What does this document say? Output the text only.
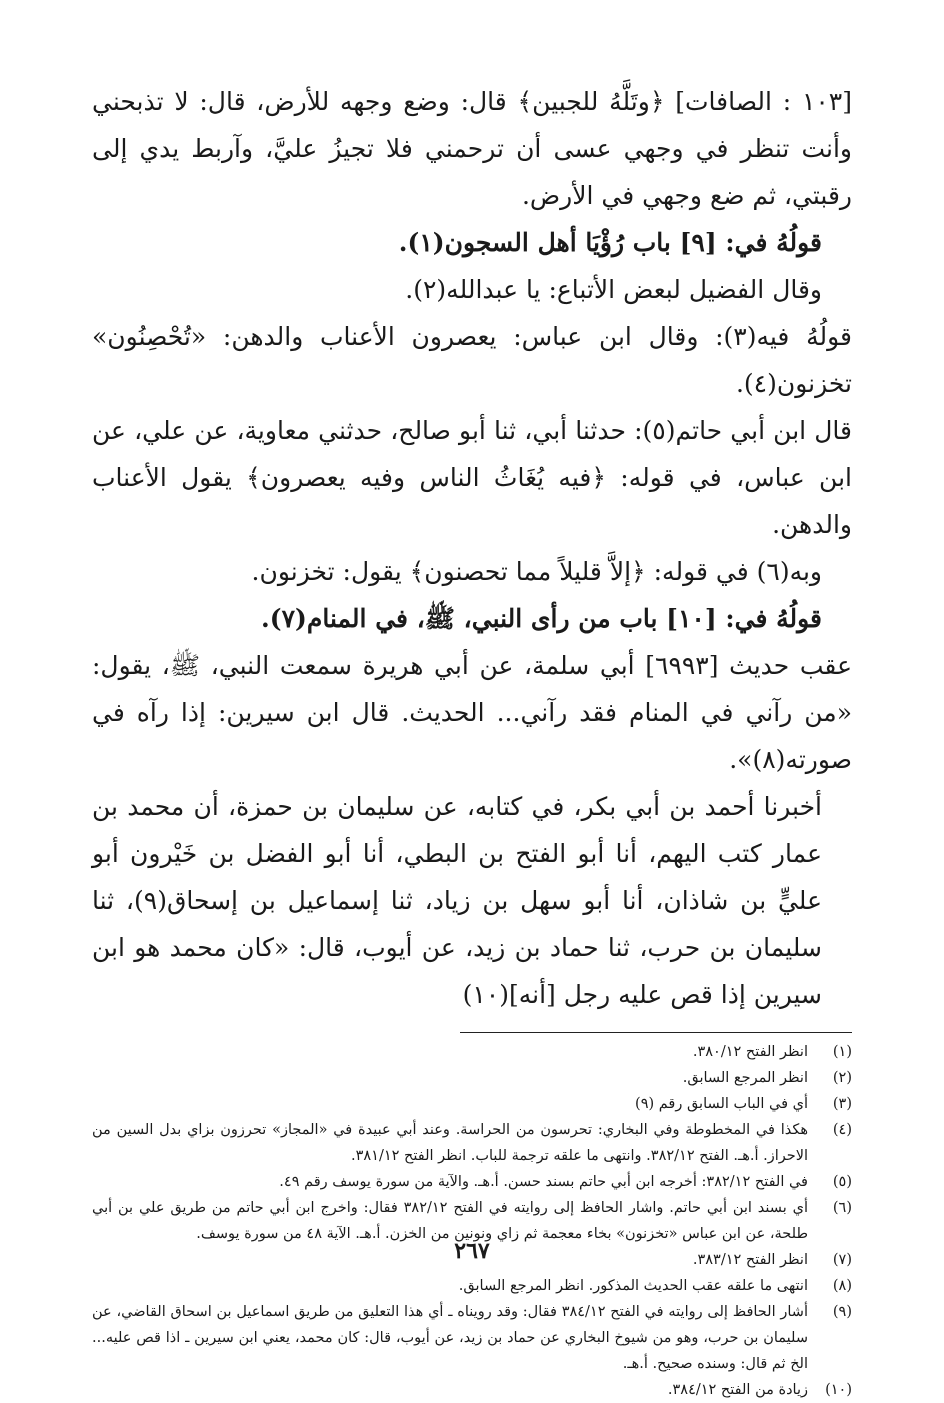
[١٠٣ : الصافات] ﴿وتَلَّهُ للجبين﴾ قال: وضع وجهه للأرض، قال: لا تذبحني وأنت تنظر في وجهي عسى أن ترحمني فلا تجيزُ عليَّ، وآربط يدي إلى رقبتي، ثم ضع وجهي في الأرض.

قولُهُ في: [٩] باب رُؤْيَا أهل السجون(١).

وقال الفضيل لبعض الأتباع: يا عبدالله(٢).

قولُهُ فيه(٣): وقال ابن عباس: يعصرون الأعناب والدهن: «تُحْصِنُون» تخزنون(٤).

قال ابن أبي حاتم(٥): حدثنا أبي، ثنا أبو صالح، حدثني معاوية، عن علي، عن ابن عباس، في قوله: ﴿فيه يُغَاثُ الناس وفيه يعصرون﴾ يقول الأعناب والدهن.

وبه(٦) في قوله: ﴿إلاَّ قليلاً مما تحصنون﴾ يقول: تخزنون.

قولُهُ في: [١٠] باب من رأى النبي، ﷺ، في المنام(٧).

عقب حديث [٦٩٩٣] أبي سلمة، عن أبي هريرة سمعت النبي، ﷺ، يقول: «من رآني في المنام فقد رآني... الحديث. قال ابن سيرين: إذا رآه في صورته(٨)».

أخبرنا أحمد بن أبي بكر، في كتابه، عن سليمان بن حمزة، أن محمد بن عمار كتب اليهم، أنا أبو الفتح بن البطي، أنا أبو الفضل بن خَيْرون أبو عليٍّ بن شاذان، أنا أبو سهل بن زياد، ثنا إسماعيل بن إسحاق(٩)، ثنا سليمان بن حرب، ثنا حماد بن زيد، عن أيوب، قال: «كان محمد هو ابن سيرين إذا قص عليه رجل [أنه](١٠)

(١)
انظر الفتح ٣٨٠/١٢.
(٢)
انظر المرجع السابق.
(٣)
أي في الباب السابق رقم (٩)
(٤)
هكذا في المخطوطة وفي البخاري: تحرسون من الحراسة. وعند أبي عبيدة في «المجاز» تحرزون بزاي بدل السين من الاحراز. أ.هـ. الفتح ٣٨٢/١٢. وانتهى ما علقه ترجمة للباب. انظر الفتح ٣٨١/١٢.
(٥)
في الفتح ٣٨٢/١٢: أخرجه ابن أبي حاتم بسند حسن. أ.هـ. والآية من سورة يوسف رقم ٤٩.
(٦)
أي بسند ابن أبي حاتم. واشار الحافظ إلى روايته في الفتح ٣٨٢/١٢ فقال: واخرج ابن أبي حاتم من طريق علي بن أبي طلحة، عن ابن عباس «تخزنون» بخاء معجمة ثم زاي ونونين من الخزن. أ.هـ. الآية ٤٨ من سورة يوسف.
(٧)
انظر الفتح ٣٨٣/١٢.
(٨)
انتهى ما علقه عقب الحديث المذكور. انظر المرجع السابق.
(٩)
أشار الحافظ إلى روايته في الفتح ٣٨٤/١٢ فقال: وقد رويناه ـ أي هذا التعليق من طريق اسماعيل بن اسحاق القاضي، عن سليمان بن حرب، وهو من شيوخ البخاري عن حماد بن زيد، عن أيوب، قال: كان محمد، يعني ابن سيرين ـ اذا قص عليه... الخ ثم قال: وسنده صحيح. أ.هـ.
(١٠)
زيادة من الفتح ٣٨٤/١٢.
٢٦٧
